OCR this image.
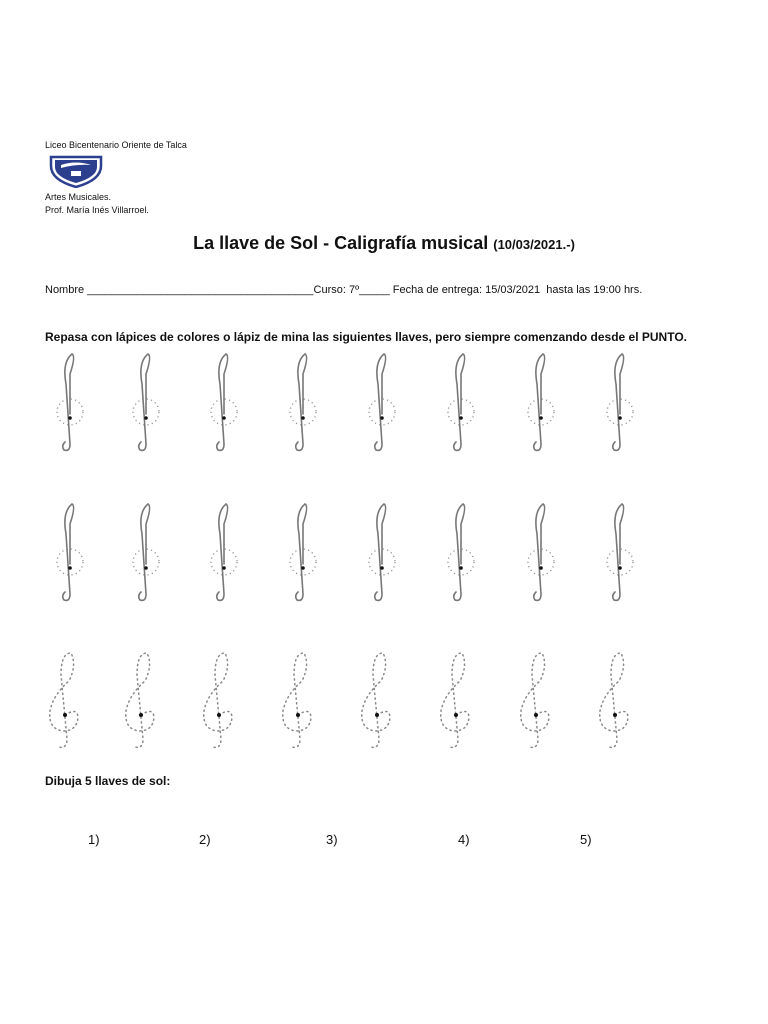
Liceo Bicentenario Oriente de Talca
Artes Musicales.
Prof. María Inés Villarroel.
La llave de Sol - Caligrafía musical (10/03/2021.-)
Nombre _____________________________________Curso: 7º_____ Fecha de entrega: 15/03/2021  hasta las 19:00 hrs.
Repasa con lápices de colores o lápiz de mina las siguientes llaves, pero siempre comenzando desde el PUNTO.
Dibuja 5 llaves de sol:
1)	2)	3)	4)	5)
